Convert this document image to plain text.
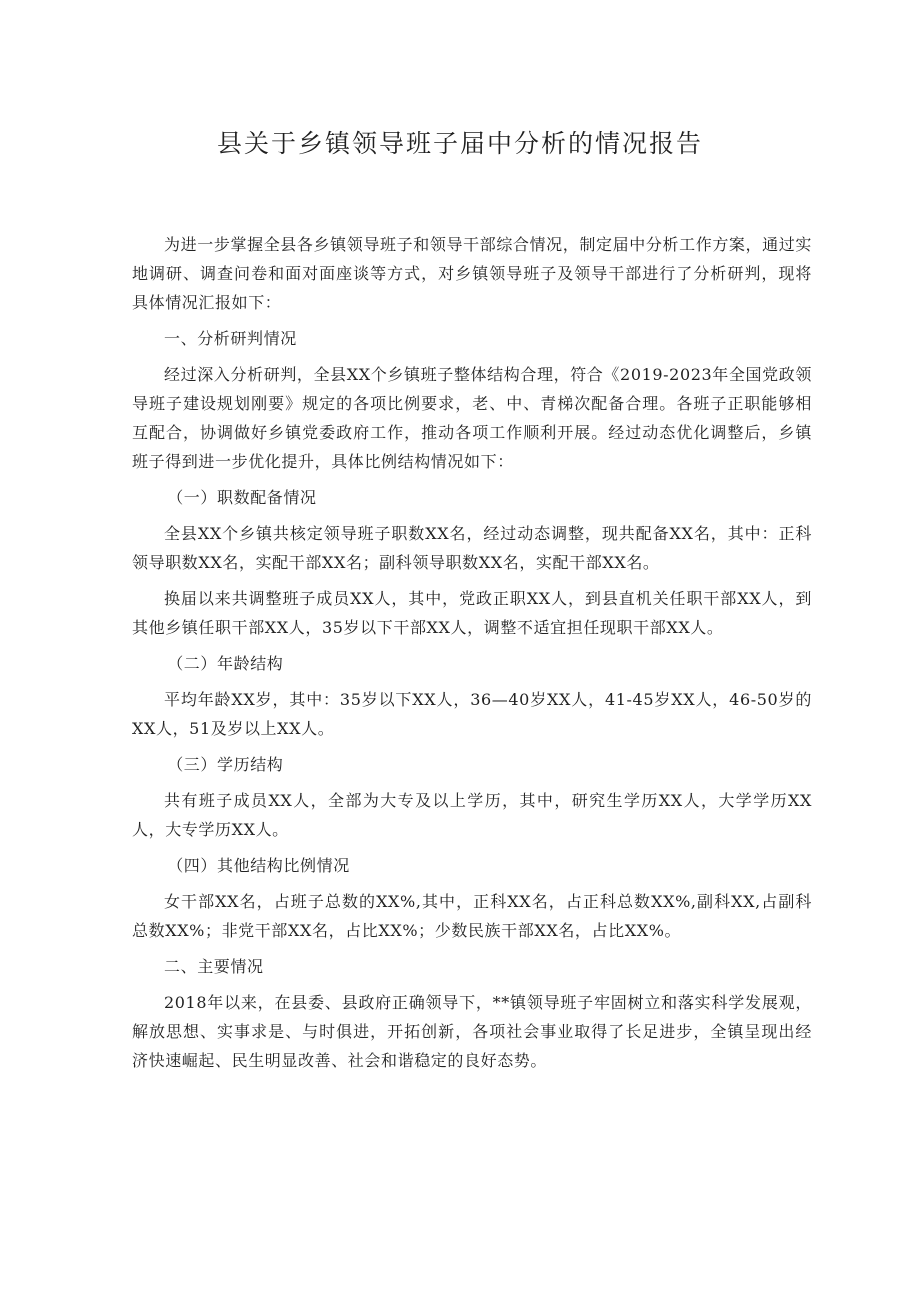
县关于乡镇领导班子届中分析的情况报告

为进一步掌握全县各乡镇领导班子和领导干部综合情况，制定届中分析工作方案，通过实地调研、调查问卷和面对面座谈等方式，对乡镇领导班子及领导干部进行了分析研判，现将具体情况汇报如下：

一、分析研判情况

经过深入分析研判，全县XX个乡镇班子整体结构合理，符合《2019-2023年全国党政领导班子建设规划刚要》规定的各项比例要求，老、中、青梯次配备合理。各班子正职能够相互配合，协调做好乡镇党委政府工作，推动各项工作顺利开展。经过动态优化调整后，乡镇班子得到进一步优化提升，具体比例结构情况如下：

（一）职数配备情况

全县XX个乡镇共核定领导班子职数XX名，经过动态调整，现共配备XX名，其中：正科领导职数XX名，实配干部XX名；副科领导职数XX名，实配干部XX名。

换届以来共调整班子成员XX人，其中，党政正职XX人，到县直机关任职干部XX人，到其他乡镇任职干部XX人，35岁以下干部XX人，调整不适宜担任现职干部XX人。

（二）年龄结构

平均年龄XX岁，其中：35岁以下XX人，36—40岁XX人，41-45岁XX人，46-50岁的XX人，51及岁以上XX人。

（三）学历结构

共有班子成员XX人，全部为大专及以上学历，其中，研究生学历XX人，大学学历XX人，大专学历XX人。

（四）其他结构比例情况

女干部XX名，占班子总数的XX%,其中，正科XX名，占正科总数XX%,副科XX,占副科总数XX%；非党干部XX名，占比XX%；少数民族干部XX名，占比XX%。

二、主要情况

2018年以来，在县委、县政府正确领导下，**镇领导班子牢固树立和落实科学发展观，解放思想、实事求是、与时俱进，开拓创新，各项社会事业取得了长足进步，全镇呈现出经济快速崛起、民生明显改善、社会和谐稳定的良好态势。
